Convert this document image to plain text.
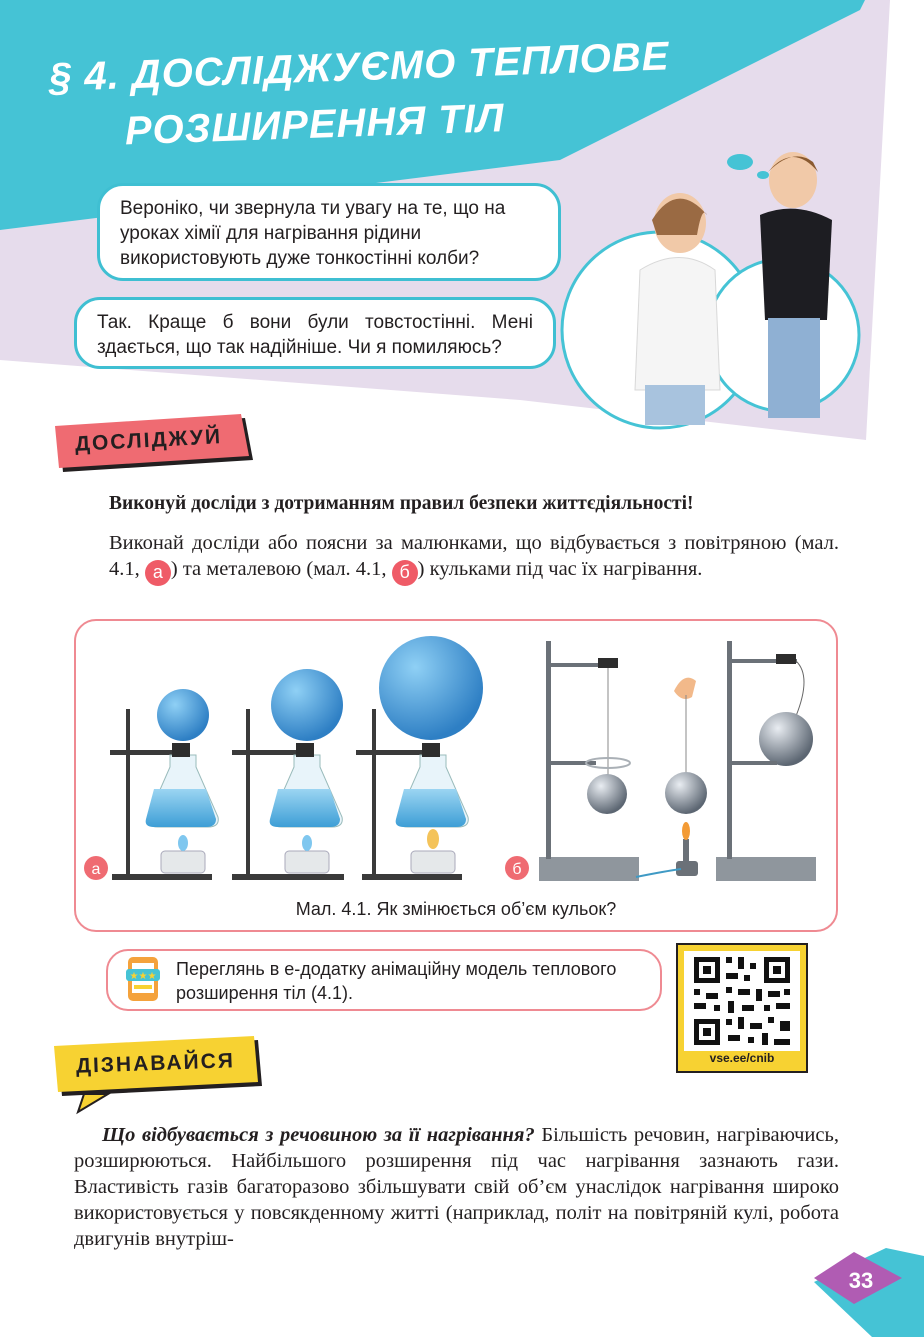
§ 4. ДОСЛІДЖУЄМО ТЕПЛОВЕ
РОЗШИРЕННЯ ТІЛ
Вероніко, чи звернула ти увагу на те, що на уроках хімії для нагрівання рідини використовують дуже тонкостінні колби?
Так. Краще б вони були товстостінні. Мені здається, що так надійніше. Чи я помиляюсь?
ДОСЛІДЖУЙ
Виконуй досліди з дотриманням правил безпеки життєдіяльності!
Виконай досліди або поясни за малюнками, що відбувається з повітряною (мал. 4.1, а ) та металевою (мал. 4.1, б ) кульками під час їх нагрівання.
а	б
Мал. 4.1. Як змінюється об’єм кульок?
★★★ Переглянь в е-додатку анімаційну модель теплового розширення тіл (4.1).
vse.ee/cnib
ДІЗНАВАЙСЯ
Що відбувається з речовиною за її нагрівання? Більшість речовин, нагріваючись, розширюються. Найбільшого розширення під час нагрівання зазнають гази. Властивість газів багаторазово збільшувати свій об’єм унаслідок нагрівання широко використовується у повсякденному житті (наприклад, політ на повітряній кулі, робота двигунів внутріш-
33
